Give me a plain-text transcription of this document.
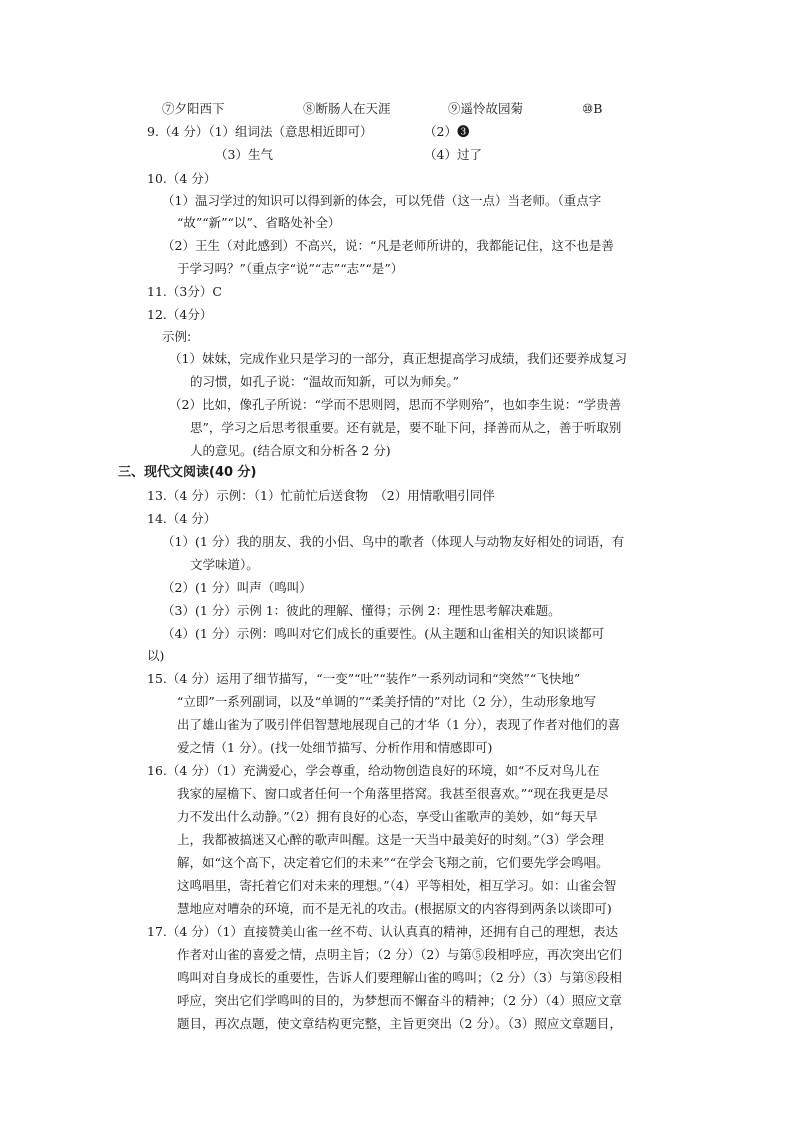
⑦夕阳西下	⑧断肠人在天涯	⑨遥怜故园菊	⑩B
9.（4 分）（1）组词法（意思相近即可）	（2）❸
（3）生气	（4）过了
10.（4 分）
（1）温习学过的知识可以得到新的体会，可以凭借（这一点）当老师。（重点字
“故”“新”“以”、省略处补全）
（2）王生（对此感到）不高兴，说：“凡是老师所讲的，我都能记住，这不也是善
于学习吗？”（重点字“说”“志”“志”“是”）
11.（3分）C
12.（4分）
示例:
（1）妹妹，完成作业只是学习的一部分，真正想提高学习成绩，我们还要养成复习
的习惯，如孔子说：“温故而知新，可以为师矣。”
（2）比如，像孔子所说：“学而不思则罔，思而不学则殆”，也如李生说：“学贵善
思”，学习之后思考很重要。还有就是，要不耻下问，择善而从之，善于听取别
人的意见。(结合原文和分析各 2 分)
三、现代文阅读(40 分)
13.（4 分）示例：（1）忙前忙后送食物　（2）用情歌唱引同伴
14.（4 分）
（1）(1 分）我的朋友、我的小侣、鸟中的歌者（体现人与动物友好相处的词语，有
文学味道）。
（2）(1 分）叫声（鸣叫）
（3）(1 分）示例 1：彼此的理解、懂得；示例 2：理性思考解决难题。
（4）(1 分）示例：鸣叫对它们成长的重要性。(从主题和山雀相关的知识谈都可
以)
15.（4 分）运用了细节描写，“一变”“吐”“装作”一系列动词和“突然”“飞快地”
“立即”一系列副词，以及“单调的”“柔美抒情的”对比（2 分），生动形象地写
出了雄山雀为了吸引伴侣智慧地展现自己的才华（1 分），表现了作者对他们的喜
爱之情（1 分）。(找一处细节描写、分析作用和情感即可)
16.（4 分）（1）充满爱心，学会尊重，给动物创造良好的环境，如“不反对鸟儿在
我家的屋檐下、窗口或者任何一个角落里搭窝。我甚至很喜欢。”“现在我更是尽
力不发出什么动静。”（2）拥有良好的心态，享受山雀歌声的美妙，如“每天早
上，我都被搞迷又心醉的歌声叫醒。这是一天当中最美好的时刻。”（3）学会理
解，如“这个高下，决定着它们的未来”“在学会飞翔之前，它们要先学会鸣唱。
这鸣唱里，寄托着它们对未来的理想。”（4）平等相处，相互学习。如：山雀会智
慧地应对嘈杂的环境，而不是无礼的攻击。(根据原文的内容得到两条以谈即可)
17.（4 分）（1）直接赞美山雀一丝不苟、认认真真的精神，还拥有自己的理想，表达
作者对山雀的喜爱之情，点明主旨；（2 分）（2）与第⑤段相呼应，再次突出它们
鸣叫对自身成长的重要性，告诉人们要理解山雀的鸣叫；（2 分）（3）与第⑧段相
呼应，突出它们学鸣叫的目的，为梦想而不懈奋斗的精神；（2 分）（4）照应文章
题目，再次点题，使文章结构更完整，主旨更突出（2 分）。（3）照应文章题目，
